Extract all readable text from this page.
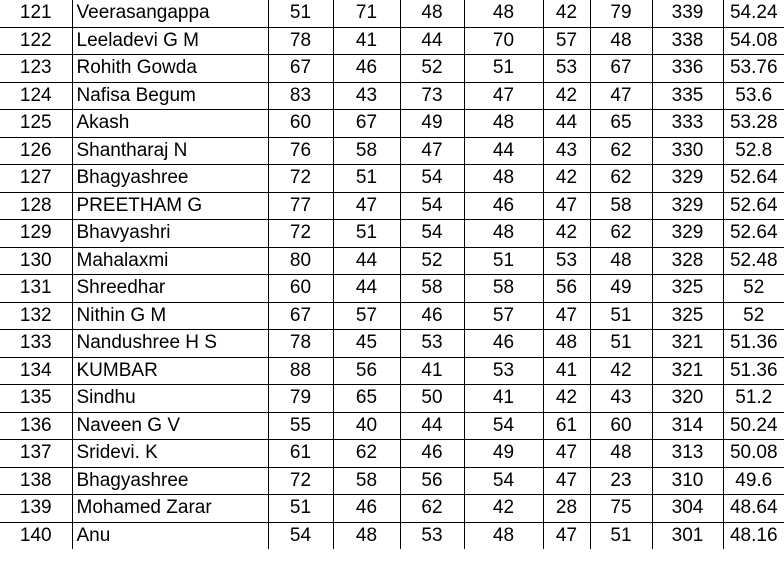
121	Veerasangappa	51	71	48	48	42	79	339	54.24
122	Leeladevi G M	78	41	44	70	57	48	338	54.08
123	Rohith Gowda	67	46	52	51	53	67	336	53.76
124	Nafisa Begum	83	43	73	47	42	47	335	53.6
125	Akash	60	67	49	48	44	65	333	53.28
126	Shantharaj N	76	58	47	44	43	62	330	52.8
127	Bhagyashree	72	51	54	48	42	62	329	52.64
128	PREETHAM G	77	47	54	46	47	58	329	52.64
129	Bhavyashri	72	51	54	48	42	62	329	52.64
130	Mahalaxmi	80	44	52	51	53	48	328	52.48
131	Shreedhar	60	44	58	58	56	49	325	52
132	Nithin G M	67	57	46	57	47	51	325	52
133	Nandushree H S	78	45	53	46	48	51	321	51.36
134	KUMBAR	88	56	41	53	41	42	321	51.36
135	Sindhu	79	65	50	41	42	43	320	51.2
136	Naveen G V	55	40	44	54	61	60	314	50.24
137	Sridevi. K	61	62	46	49	47	48	313	50.08
138	Bhagyashree	72	58	56	54	47	23	310	49.6
139	Mohamed Zarar	51	46	62	42	28	75	304	48.64
140	Anu	54	48	53	48	47	51	301	48.16
